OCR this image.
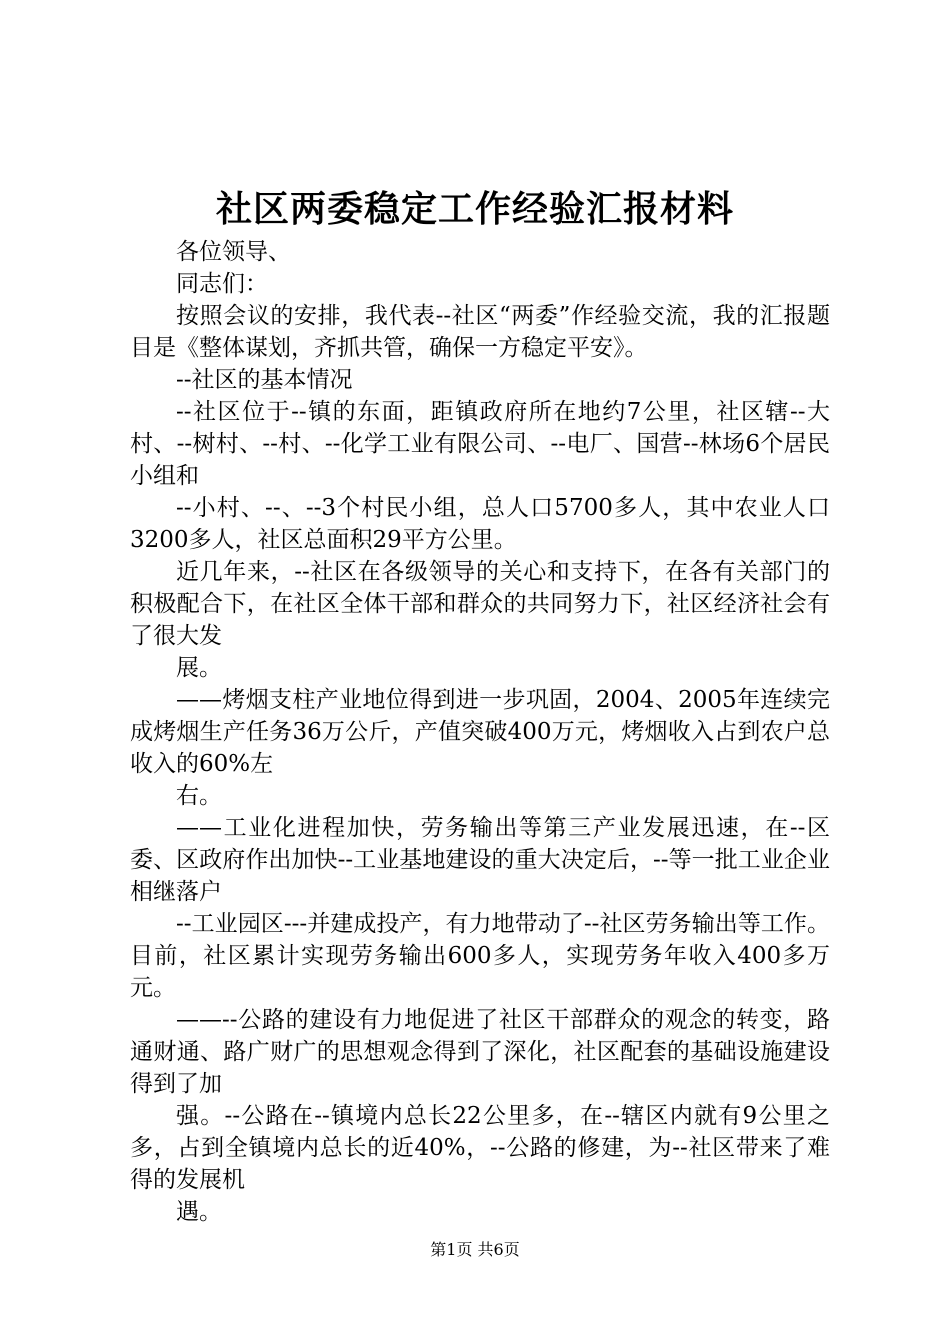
社区两委稳定工作经验汇报材料

各位领导、

同志们：

按照会议的安排，我代表--社区“两委”作经验交流，我的汇报题目是《整体谋划，齐抓共管，确保一方稳定平安》。

--社区的基本情况

--社区位于--镇的东面，距镇政府所在地约7公里，社区辖--大村、--树村、--村、--化学工业有限公司、--电厂、国营--林场6个居民小组和

--小村、--、--3个村民小组，总人口5700多人，其中农业人口3200多人，社区总面积29平方公里。

近几年来，--社区在各级领导的关心和支持下，在各有关部门的积极配合下，在社区全体干部和群众的共同努力下，社区经济社会有了很大发

展。

——烤烟支柱产业地位得到进一步巩固，2004、2005年连续完成烤烟生产任务36万公斤，产值突破400万元，烤烟收入占到农户总收入的60%左

右。

——工业化进程加快，劳务输出等第三产业发展迅速，在--区委、区政府作出加快--工业基地建设的重大决定后，--等一批工业企业相继落户

--工业园区---并建成投产，有力地带动了--社区劳务输出等工作。目前，社区累计实现劳务输出600多人，实现劳务年收入400多万元。

——--公路的建设有力地促进了社区干部群众的观念的转变，路通财通、路广财广的思想观念得到了深化，社区配套的基础设施建设得到了加

强。--公路在--镇境内总长22公里多，在--辖区内就有9公里之多，占到全镇境内总长的近40%，--公路的修建，为--社区带来了难得的发展机

遇。

第1页 共6页
